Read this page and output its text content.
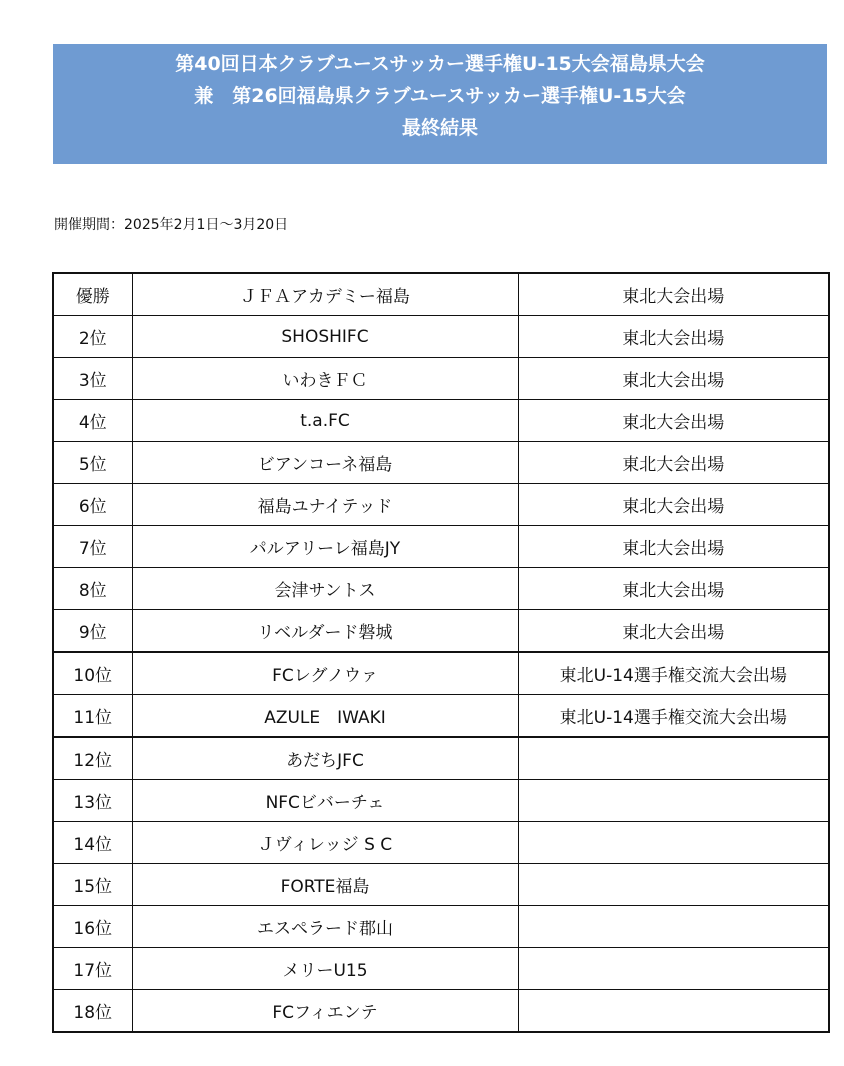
第40回日本クラブユースサッカー選手権U-15大会福島県大会
兼　第26回福島県クラブユースサッカー選手権U-15大会
最終結果
開催期間：2025年2月1日～3月20日
優勝	ＪＦＡアカデミー福島	東北大会出場
2位	SHOSHIFC	東北大会出場
3位	いわきＦＣ	東北大会出場
4位	t.a.FC	東北大会出場
5位	ビアンコーネ福島	東北大会出場
6位	福島ユナイテッド	東北大会出場
7位	パルアリーレ福島JY	東北大会出場
8位	会津サントス	東北大会出場
9位	リベルダード磐城	東北大会出場
10位	FCレグノウァ	東北U-14選手権交流大会出場
11位	AZULE　IWAKI	東北U-14選手権交流大会出場
12位	あだちJFC	
13位	NFCビバーチェ	
14位	Ｊヴィレッジ S C	
15位	FORTE福島	
16位	エスペラード郡山	
17位	メリーU15	
18位	FCフィエンテ	
